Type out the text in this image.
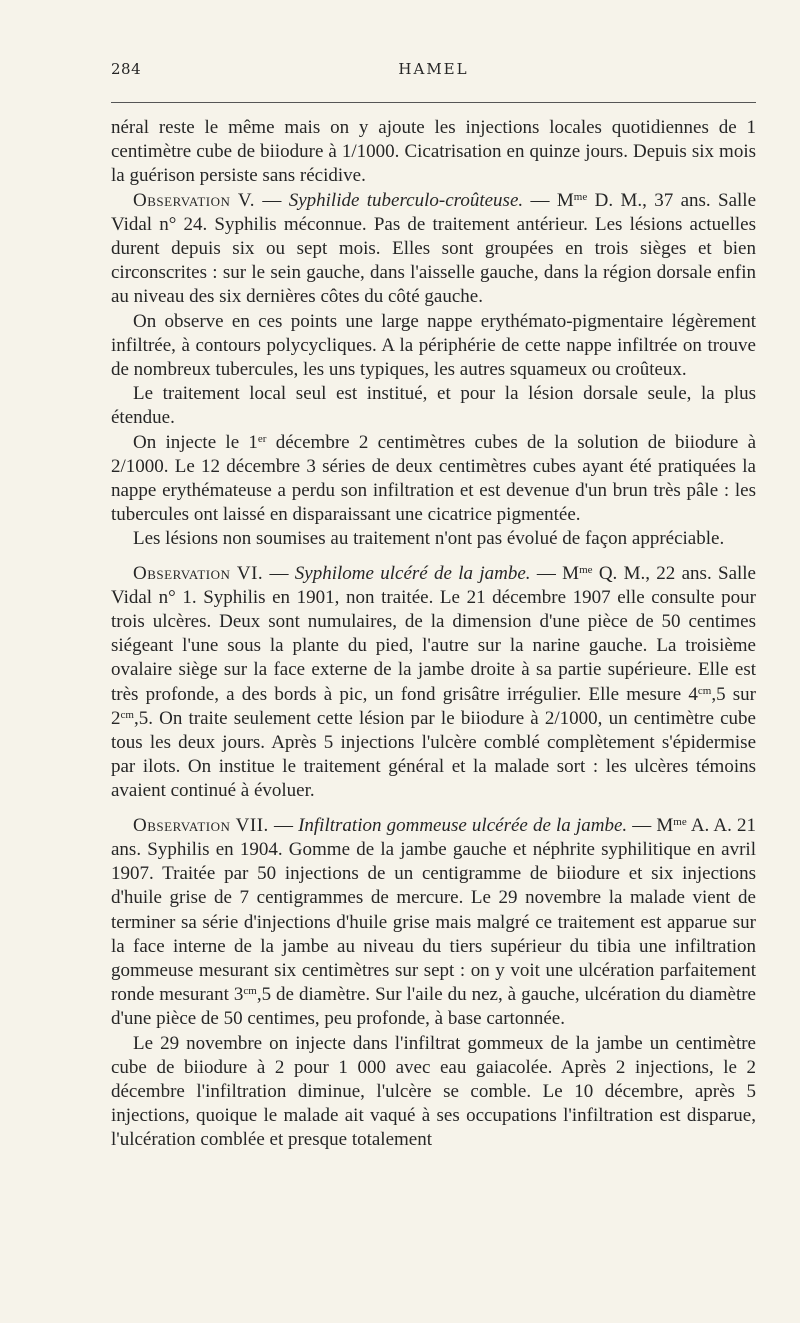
284	HAMEL

néral reste le même mais on y ajoute les injections locales quotidiennes de 1 centimètre cube de biiodure à 1/1000. Cicatrisation en quinze jours. Depuis six mois la guérison persiste sans récidive.

Observation V. — Syphilide tuberculo-croûteuse. — $M^{me}$ D. M., 37 ans. Salle Vidal n° 24. Syphilis méconnue. Pas de traitement antérieur. Les lésions actuelles durent depuis six ou sept mois. Elles sont groupées en trois sièges et bien circonscrites : sur le sein gauche, dans l'aisselle gauche, dans la région dorsale enfin au niveau des six dernières côtes du côté gauche.

On observe en ces points une large nappe erythémato-pigmentaire légèrement infiltrée, à contours polycycliques. A la périphérie de cette nappe infiltrée on trouve de nombreux tubercules, les uns typiques, les autres squameux ou croûteux.

Le traitement local seul est institué, et pour la lésion dorsale seule, la plus étendue.

On injecte le 1er décembre 2 centimètres cubes de la solution de biiodure à 2/1000. Le 12 décembre 3 séries de deux centimètres cubes ayant été pratiquées la nappe erythémateuse a perdu son infiltration et est devenue d'un brun très pâle : les tubercules ont laissé en disparaissant une cicatrice pigmentée.

Les lésions non soumises au traitement n'ont pas évolué de façon appréciable.

Observation VI. — Syphilome ulcéré de la jambe. — $M^{me}$ Q. M., 22 ans. Salle Vidal n° 1. Syphilis en 1901, non traitée. Le 21 décembre 1907 elle consulte pour trois ulcères. Deux sont numulaires, de la dimension d'une pièce de 50 centimes siégeant l'une sous la plante du pied, l'autre sur la narine gauche. La troisième ovalaire siège sur la face externe de la jambe droite à sa partie supérieure. Elle est très profonde, a des bords à pic, un fond grisâtre irrégulier. Elle mesure $4^{cm},5$ sur $2^{cm},5$. On traite seulement cette lésion par le biiodure à 2/1000, un centimètre cube tous les deux jours. Après 5 injections l'ulcère comblé complètement s'épidermise par ilots. On institue le traitement général et la malade sort : les ulcères témoins avaient continué à évoluer.

Observation VII. — Infiltration gommeuse ulcérée de la jambe. — $M^{me}$ A. A. 21 ans. Syphilis en 1904. Gomme de la jambe gauche et néphrite syphilitique en avril 1907. Traitée par 50 injections de un centigramme de biiodure et six injections d'huile grise de 7 centigrammes de mercure. Le 29 novembre la malade vient de terminer sa série d'injections d'huile grise mais malgré ce traitement est apparue sur la face interne de la jambe au niveau du tiers supérieur du tibia une infiltration gommeuse mesurant six centimètres sur sept : on y voit une ulcération parfaitement ronde mesurant $3^{cm},5$ de diamètre. Sur l'aile du nez, à gauche, ulcération du diamètre d'une pièce de 50 centimes, peu profonde, à base cartonnée.

Le 29 novembre on injecte dans l'infiltrat gommeux de la jambe un centimètre cube de biiodure à 2 pour 1 000 avec eau gaiacolée. Après 2 injections, le 2 décembre l'infiltration diminue, l'ulcère se comble. Le 10 décembre, après 5 injections, quoique le malade ait vaqué à ses occupations l'infiltration est disparue, l'ulcération comblée et presque totalement
